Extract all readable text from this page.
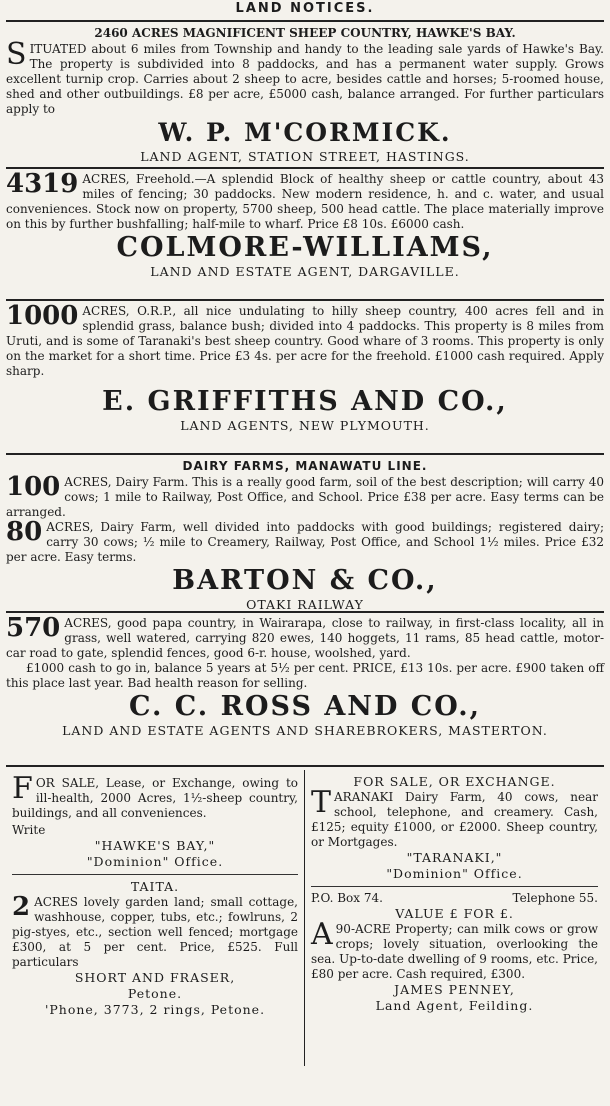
LAND NOTICES.
2460 ACRES MAGNIFICENT SHEEP COUNTRY, HAWKE'S BAY.

SITUATED about 6 miles from Township and handy to the leading sale yards of Hawke's Bay. The property is subdivided into 8 paddocks, and has a permanent water supply. Grows excellent turnip crop. Carries about 2 sheep to acre, besides cattle and horses; 5-roomed house, shed and other outbuildings. £8 per acre, £5000 cash, balance arranged. For further particulars apply to

W. P. M'CORMICK.
LAND AGENT, STATION STREET, HASTINGS.

4319 ACRES, Freehold.—A splendid Block of healthy sheep or cattle country, about 43 miles of fencing; 30 paddocks. New modern residence, h. and c. water, and usual conveniences. Stock now on property, 5700 sheep, 500 head cattle. The place materially improve on this by further bushfalling; half-mile to wharf. Price £8 10s. £6000 cash.

COLMORE-WILLIAMS,
LAND AND ESTATE AGENT, DARGAVILLE.

1000 ACRES, O.R.P., all nice undulating to hilly sheep country, 400 acres fell and in splendid grass, balance bush; divided into 4 paddocks. This property is 8 miles from Uruti, and is some of Taranaki's best sheep country. Good whare of 3 rooms. This property is only on the market for a short time. Price £3 4s. per acre for the freehold. £1000 cash required. Apply sharp.

E. GRIFFITHS AND CO.,
LAND AGENTS, NEW PLYMOUTH.
DAIRY FARMS, MANAWATU LINE.

100 ACRES, Dairy Farm. This is a really good farm, soil of the best description; will carry 40 cows; 1 mile to Railway, Post Office, and School. Price £38 per acre. Easy terms can be arranged.

80 ACRES, Dairy Farm, well divided into paddocks with good buildings; registered dairy; carry 30 cows; ½ mile to Creamery, Railway, Post Office, and School 1½ miles. Price £32 per acre. Easy terms.

BARTON & CO.,
OTAKI RAILWAY

570 ACRES, good papa country, in Wairarapa, close to railway, in first-class locality, all in grass, well watered, carrying 820 ewes, 140 hoggets, 11 rams, 85 head cattle, motor-car road to gate, splendid fences, good 6-r. house, woolshed, yard.

£1000 cash to go in, balance 5 years at 5½ per cent. PRICE, £13 10s. per acre. £900 taken off this place last year. Bad health reason for selling.

C. C. ROSS AND CO.,
LAND AND ESTATE AGENTS AND SHAREBROKERS, MASTERTON.

FOR SALE, Lease, or Exchange, owing to ill-health, 2000 Acres, 1½-sheep country, buildings, and all conveniences.

Write

"HAWKE'S BAY,"
"Dominion" Office.
TAITA.

2 ACRES lovely garden land; small cottage, washhouse, copper, tubs, etc.; fowlruns, 2 pig-styes, etc., section well fenced; mortgage £300, at 5 per cent. Price, £525. Full particulars

SHORT AND FRASER,
Petone.
'Phone, 3773, 2 rings, Petone.
FOR SALE, OR EXCHANGE.

TARANAKI Dairy Farm, 40 cows, near school, telephone, and creamery. Cash, £125; equity £1000, or £2000. Sheep country, or Mortgages.

"TARANAKI,"
"Dominion" Office.
P.O. Box 74.	Telephone 55.
VALUE £ FOR £.

A 90-ACRE Property; can milk cows or grow crops; lovely situation, overlooking the sea. Up-to-date dwelling of 9 rooms, etc. Price, £80 per acre. Cash required, £300.

JAMES PENNEY,
Land Agent, Feilding.
